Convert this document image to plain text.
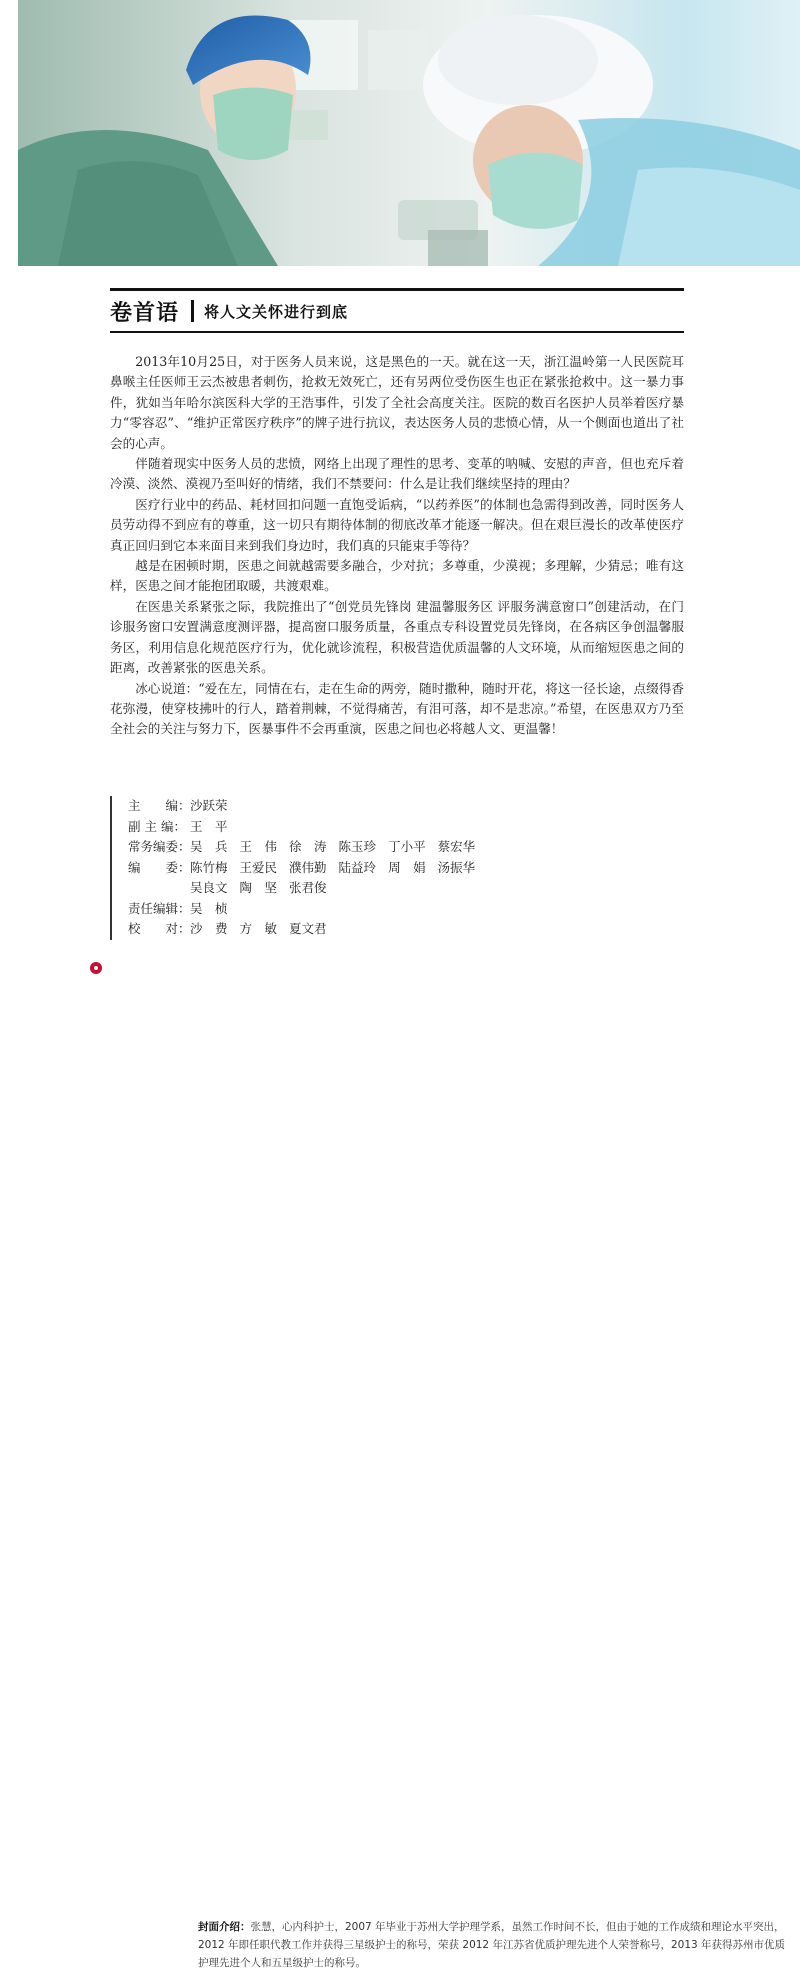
卷首语 将人文关怀进行到底

2013年10月25日，对于医务人员来说，这是黑色的一天。就在这一天，浙江温岭第一人民医院耳鼻喉主任医师王云杰被患者刺伤，抢救无效死亡，还有另两位受伤医生也正在紧张抢救中。这一暴力事件，犹如当年哈尔滨医科大学的王浩事件，引发了全社会高度关注。医院的数百名医护人员举着医疗暴力“零容忍”、“维护正常医疗秩序”的牌子进行抗议，表达医务人员的悲愤心情，从一个侧面也道出了社会的心声。

伴随着现实中医务人员的悲愤，网络上出现了理性的思考、变革的呐喊、安慰的声音，但也充斥着冷漠、淡然、漠视乃至叫好的情绪，我们不禁要问：什么是让我们继续坚持的理由？

医疗行业中的药品、耗材回扣问题一直饱受诟病，“以药养医”的体制也急需得到改善，同时医务人员劳动得不到应有的尊重，这一切只有期待体制的彻底改革才能逐一解决。但在艰巨漫长的改革使医疗真正回归到它本来面目来到我们身边时，我们真的只能束手等待？

越是在困顿时期，医患之间就越需要多融合，少对抗；多尊重，少漠视；多理解，少猜忌；唯有这样，医患之间才能抱团取暖，共渡艰难。

在医患关系紧张之际，我院推出了“创党员先锋岗 建温馨服务区 评服务满意窗口”创建活动，在门诊服务窗口安置满意度测评器，提高窗口服务质量，各重点专科设置党员先锋岗，在各病区争创温馨服务区，利用信息化规范医疗行为，优化就诊流程，积极营造优质温馨的人文环境，从而缩短医患之间的距离，改善紧张的医患关系。

冰心说道：“爱在左，同情在右，走在生命的两旁，随时撒种，随时开花，将这一径长途，点缀得香花弥漫，使穿枝拂叶的行人，踏着荆棘，不觉得痛苦，有泪可落，却不是悲凉。”希望，在医患双方乃至全社会的关注与努力下，医暴事件不会再重演，医患之间也必将越人文、更温馨！

主　　编： 沙跃荣
副 主 编： 王　平
常务编委： 吴　兵 王　伟 徐　涛 陈玉珍 丁小平 蔡宏华
编　　委： 陈竹梅 王爱民 濮伟勤 陆益玲 周　娟 汤振华
吴良文 陶　坚 张君俊
责任编辑： 吴　桢
校　　对： 沙　费 方　敏 夏文君
封面介绍：张慧，心内科护士，2007 年毕业于苏州大学护理学系，虽然工作时间不长，但由于她的工作成绩和理论水平突出，2012 年即任职代教工作并获得三星级护士的称号，荣获 2012 年江苏省优质护理先进个人荣誉称号，2013 年获得苏州市优质护理先进个人和五星级护士的称号。
